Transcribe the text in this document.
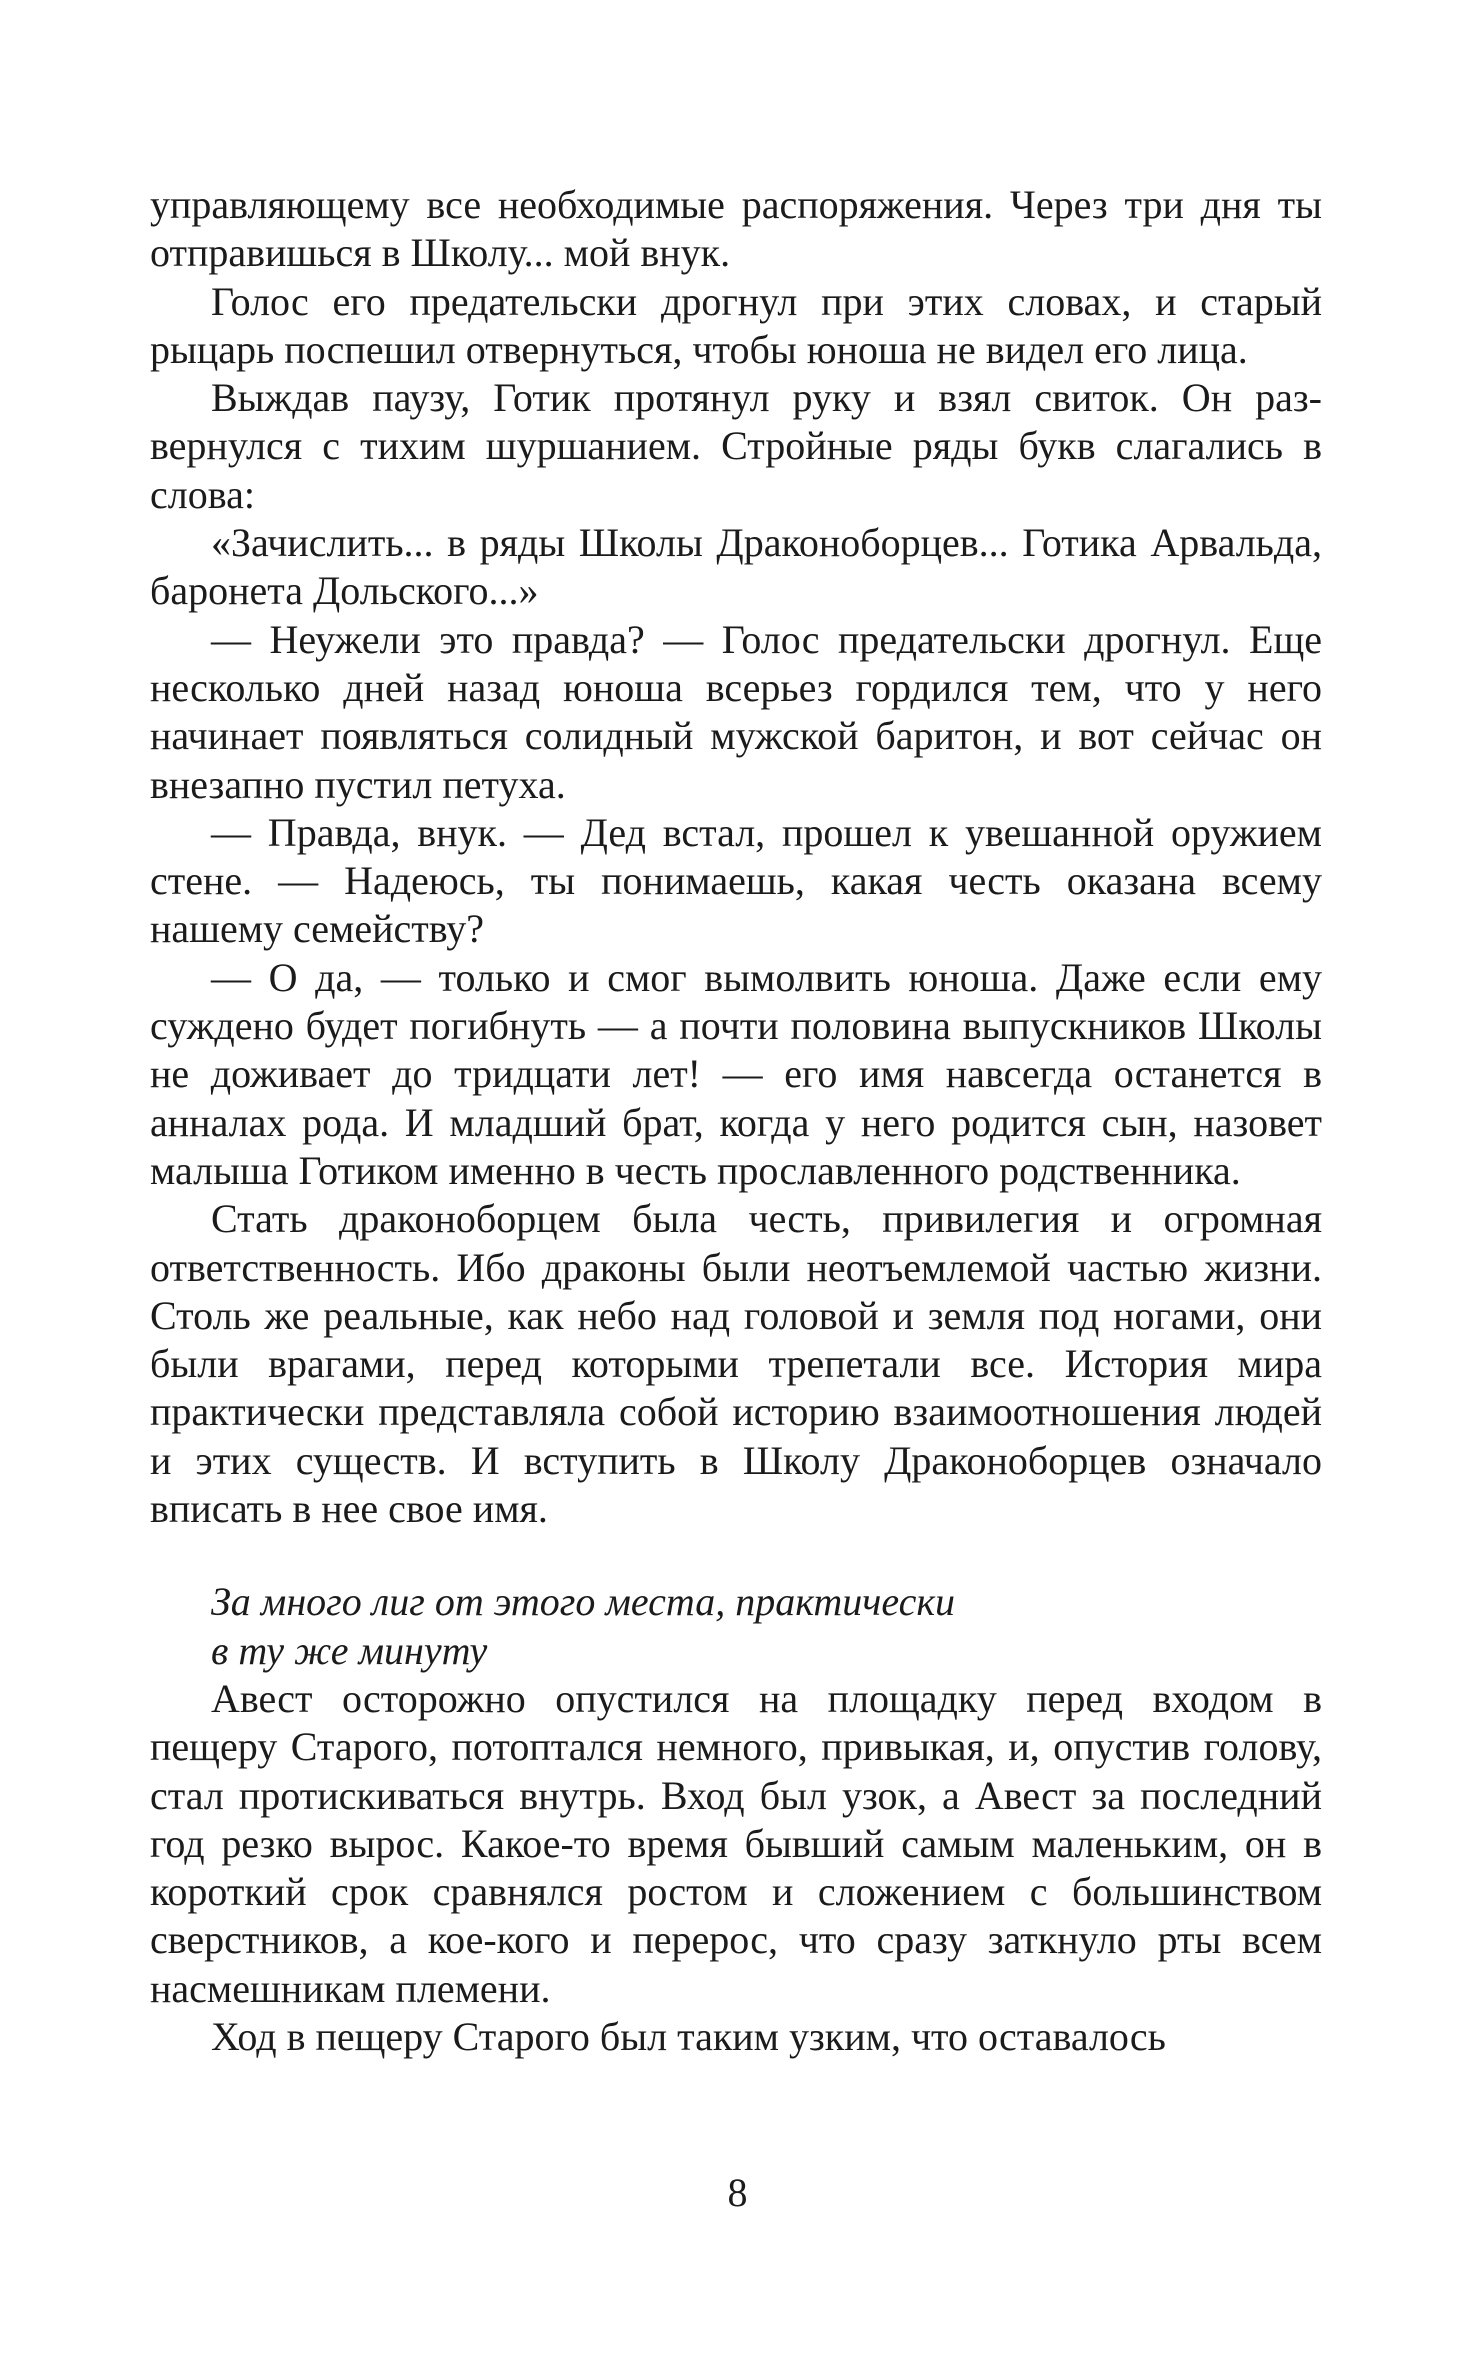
управляющему все необходимые распоряжения. Через три дня ты отправишься в Школу... мой внук.

Голос его предательски дрогнул при этих словах, и старый рыцарь поспешил отвернуться, чтобы юноша не видел его лица.

Выждав паузу, Готик протянул руку и взял свиток. Он развернулся с тихим шуршанием. Стройные ряды букв слагались в слова:

«Зачислить... в ряды Школы Драконоборцев... Готика Арвальда, баронета Дольского...»

— Неужели это правда? — Голос предательски дрогнул. Еще несколько дней назад юноша всерьез гордился тем, что у него начинает появляться солидный мужской баритон, и вот сейчас он внезапно пустил петуха.

— Правда, внук. — Дед встал, прошел к увешанной оружием стене. — Надеюсь, ты понимаешь, какая честь оказана всему нашему семейству?

— О да, — только и смог вымолвить юноша. Даже если ему суждено будет погибнуть — а почти половина выпускников Школы не доживает до тридцати лет! — его имя навсегда останется в анналах рода. И младший брат, когда у него родится сын, назовет малыша Готиком именно в честь прославленного родственника.

Стать драконоборцем была честь, привилегия и огромная ответственность. Ибо драконы были неотъемлемой частью жизни. Столь же реальные, как небо над головой и земля под ногами, они были врагами, перед которыми трепетали все. История мира практически представляла собой историю взаимоотношения людей и этих существ. И вступить в Школу Драконоборцев означало вписать в нее свое имя.

За много лиг от этого места, практически
в ту же минуту

Авест осторожно опустился на площадку перед входом в пещеру Старого, потоптался немного, привыкая, и, опустив голову, стал протискиваться внутрь. Вход был узок, а Авест за последний год резко вырос. Какое-то время бывший самым маленьким, он в короткий срок сравнялся ростом и сложением с большинством сверстников, а кое-кого и перерос, что сразу заткнуло рты всем насмешникам племени.

Ход в пещеру Старого был таким узким, что оставалось

8
